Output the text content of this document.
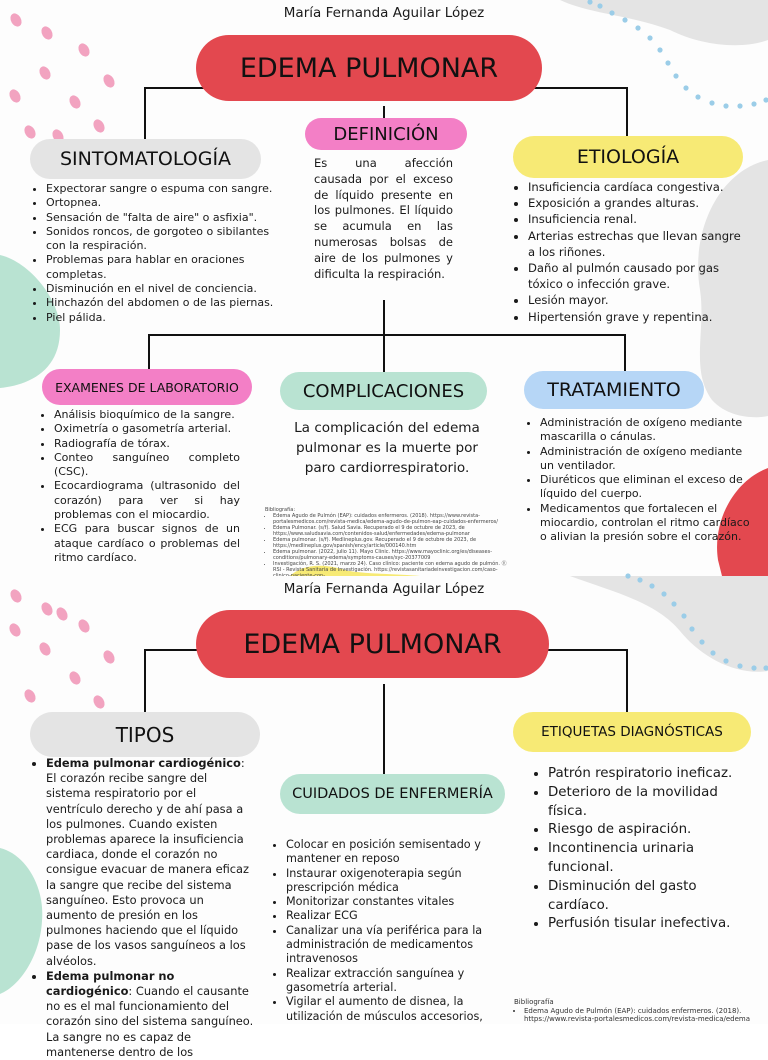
María Fernanda Aguilar López
EDEMA PULMONAR
DEFINICIÓN
Es una afección causada por el exceso de líquido presente en los pulmones. El líquido se acumula en las numerosas bolsas de aire de los pulmones y dificulta la respiración.
SINTOMATOLOGÍA
• Expectorar sangre o espuma con sangre.
• Ortopnea.
• Sensación de "falta de aire" o asfixia".
• Sonidos roncos, de gorgoteo o sibilantes con la respiración.
• Problemas para hablar en oraciones completas.
• Disminución en el nivel de conciencia.
• Hinchazón del abdomen o de las piernas.
• Piel pálida.
ETIOLOGÍA
• Insuficiencia cardíaca congestiva.
• Exposición a grandes alturas.
• Insuficiencia renal.
• Arterias estrechas que llevan sangre a los riñones.
• Daño al pulmón causado por gas tóxico o infección grave.
• Lesión mayor.
• Hipertensión grave y repentina.
EXAMENES DE LABORATORIO
• Análisis bioquímico de la sangre.
• Oximetría o gasometría arterial.
• Radiografía de tórax.
• Conteo sanguíneo completo (CSC).
• Ecocardiograma (ultrasonido del corazón) para ver si hay problemas con el miocardio.
• ECG para buscar signos de un ataque cardíaco o problemas del ritmo cardíaco.
COMPLICACIONES
La complicación del edema pulmonar es la muerte por paro cardiorrespiratorio.
TRATAMIENTO
• Administración de oxígeno mediante mascarilla o cánulas.
• Administración de oxígeno mediante un ventilador.
• Diuréticos que eliminan el exceso de líquido del cuerpo.
• Medicamentos que fortalecen el miocardio, controlan el ritmo cardíaco o alivian la presión sobre el corazón.
Bibliografía:
• Edema Agudo de Pulmón (EAP): cuidados enfermeros. (2018). https://www.revista-portalesmedicos.com/revista-medica/edema-agudo-de-pulmon-eap-cuidados-enfermeros/
• Edema Pulmonar. (s/f). Salud Savia. Recuperado el 9 de octubre de 2023, de https://www.saludsavia.com/contenidos-salud/enfermedades/edema-pulmonar
• Edema pulmonar. (s/f). Medlineplus.gov. Recuperado el 9 de octubre de 2023, de https://medlineplus.gov/spanish/ency/article/000140.htm
• Edema pulmonar. (2022, julio 11). Mayo Clinic. https://www.mayoclinic.org/es/diseases-conditions/pulmonary-edema/symptoms-causes/syc-20377009
• Investigación, R. S. (2021, marzo 24). Caso clínico: paciente con edema agudo de pulmón. Ⓡ RSI - Revista Sanitaria de Investigación. https://revistasanitariadeinvestigacion.com/caso-
María Fernanda Aguilar López
EDEMA PULMONAR
TIPOS
• Edema pulmonar cardiogénico: El corazón recibe sangre del sistema respiratorio por el ventrículo derecho y de ahí pasa a los pulmones. Cuando existen problemas aparece la insuficiencia cardiaca, donde el corazón no consigue evacuar de manera eficaz la sangre que recibe del sistema sanguíneo. Esto provoca un aumento de presión en los pulmones haciendo que el líquido pase de los vasos sanguíneos a los alvéolos.
• Edema pulmonar no cardiogénico: Cuando el causante no es el mal funcionamiento del corazón sino del sistema sanguíneo. La sangre no es capaz de mantenerse dentro de los
CUIDADOS DE ENFERMERÍA
• Colocar en posición semisentado y mantener en reposo
• Instaurar oxigenoterapia según prescripción médica
• Monitorizar constantes vitales
• Realizar ECG
• Canalizar una vía periférica para la administración de medicamentos intravenosos
• Realizar extracción sanguínea y gasometría arterial.
• Vigilar el aumento de disnea, la utilización de músculos accesorios,
ETIQUETAS DIAGNÓSTICAS
• Patrón respiratorio ineficaz.
• Deterioro de la movilidad física.
• Riesgo de aspiración.
• Incontinencia urinaria funcional.
• Disminución del gasto cardíaco.
• Perfusión tisular inefectiva.
Bibliografía
• Edema Agudo de Pulmón (EAP): cuidados enfermeros. (2018). https://www.revista-portalesmedicos.com/revista-medica/edema
